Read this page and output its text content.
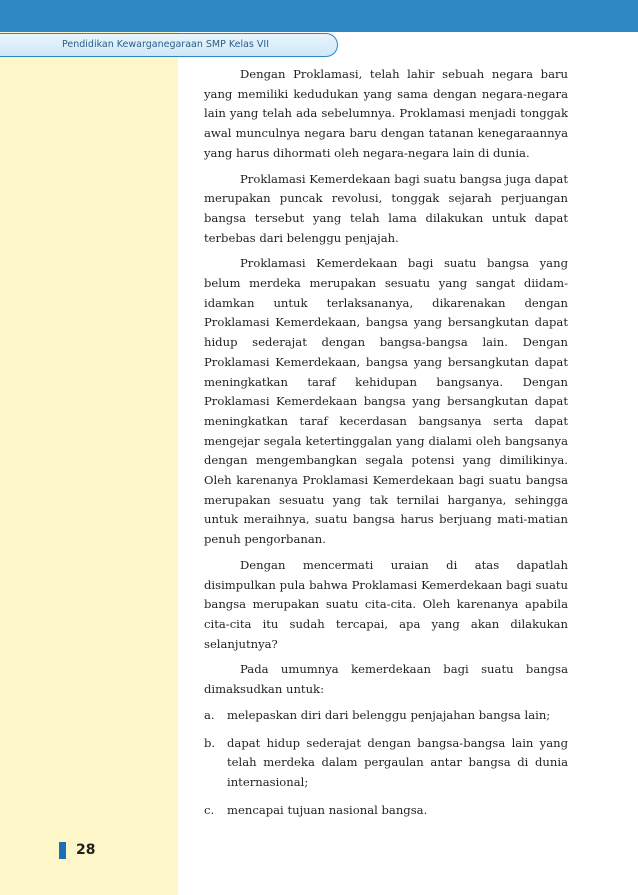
Pendidikan Kewarganegaraan SMP Kelas VII

Dengan Proklamasi, telah lahir sebuah negara baru yang memiliki kedudukan yang sama dengan negara-negara lain yang telah ada sebelumnya. Proklamasi menjadi tonggak awal munculnya negara baru dengan tatanan kenegaraannya yang harus dihormati oleh negara-negara lain di dunia.

Proklamasi Kemerdekaan bagi suatu bangsa juga dapat merupakan puncak revolusi, tonggak sejarah perjuangan bangsa tersebut yang telah lama dilakukan untuk dapat terbebas dari belenggu penjajah.

Proklamasi Kemerdekaan bagi suatu bangsa yang belum merdeka merupakan sesuatu yang sangat diidam-idamkan untuk terlaksananya, dikarenakan dengan Proklamasi Kemerdekaan, bangsa yang bersangkutan dapat hidup sederajat dengan bangsa-bangsa lain. Dengan Proklamasi Kemerdekaan, bangsa yang bersangkutan dapat meningkatkan taraf kehidupan bangsanya. Dengan Proklamasi Kemerdekaan bangsa yang bersangkutan dapat meningkatkan taraf kecerdasan bangsanya serta dapat mengejar segala ketertinggalan yang dialami oleh bangsanya dengan mengembangkan segala potensi yang dimilikinya. Oleh karenanya Proklamasi Kemerdekaan bagi suatu bangsa merupakan sesuatu yang tak ternilai harganya, sehingga untuk meraihnya, suatu bangsa harus berjuang mati-matian penuh pengorbanan.

Dengan mencermati uraian di atas dapatlah disimpulkan pula bahwa Proklamasi Kemerdekaan bagi suatu bangsa merupakan suatu cita-cita. Oleh karenanya apabila cita-cita itu sudah tercapai, apa yang akan dilakukan selanjutnya?

Pada umumnya kemerdekaan bagi suatu bangsa dimaksudkan untuk:

a. melepaskan diri dari belenggu penjajahan bangsa lain;
b. dapat hidup sederajat dengan bangsa-bangsa lain yang telah merdeka dalam pergaulan antar bangsa di dunia internasional;
c. mencapai tujuan nasional bangsa.
28
